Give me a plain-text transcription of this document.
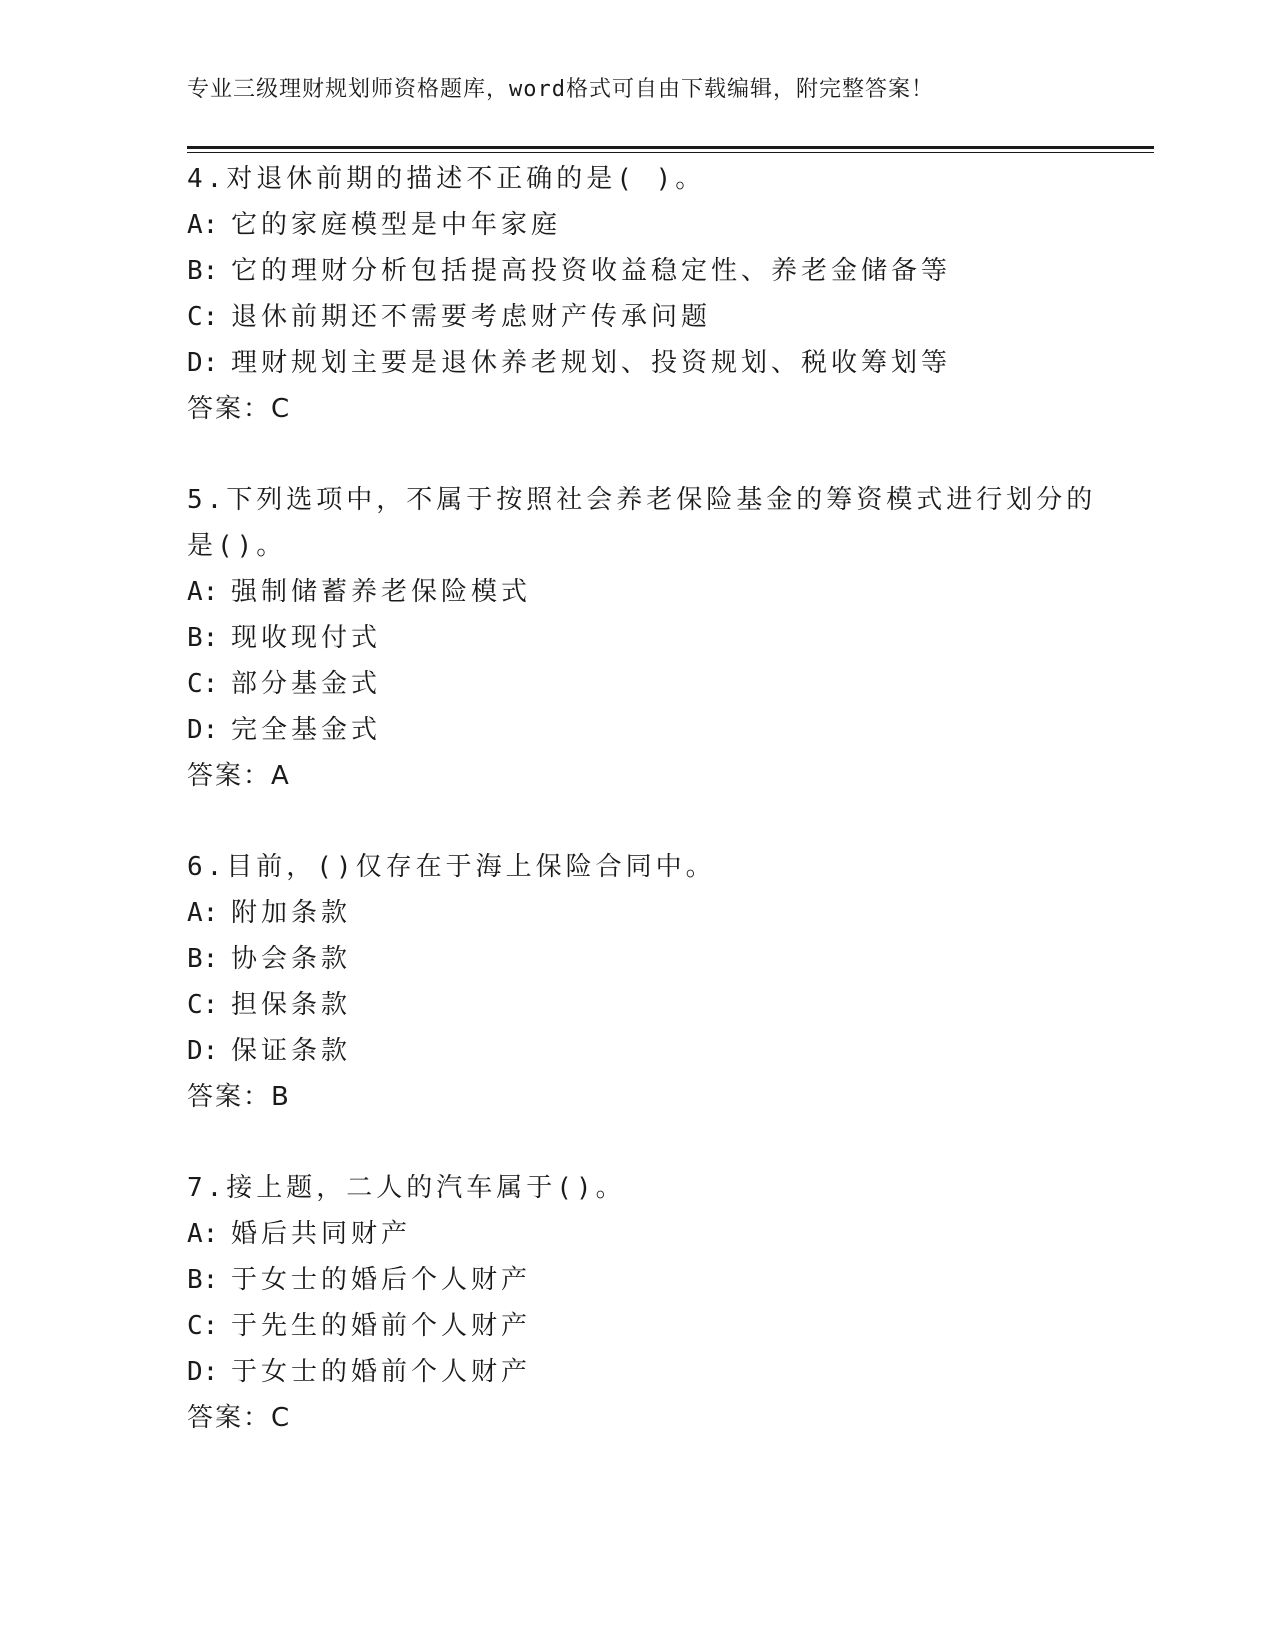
专业三级理财规划师资格题库，word格式可自由下载编辑，附完整答案！
4.对退休前期的描述不正确的是( )。
A: 它的家庭模型是中年家庭
B: 它的理财分析包括提高投资收益稳定性、养老金储备等
C: 退休前期还不需要考虑财产传承问题
D: 理财规划主要是退休养老规划、投资规划、税收筹划等
答案：C
5.下列选项中，不属于按照社会养老保险基金的筹资模式进行划分的是()。
A: 强制储蓄养老保险模式
B: 现收现付式
C: 部分基金式
D: 完全基金式
答案：A
6.目前，()仅存在于海上保险合同中。
A: 附加条款
B: 协会条款
C: 担保条款
D: 保证条款
答案：B
7.接上题，二人的汽车属于()。
A: 婚后共同财产
B: 于女士的婚后个人财产
C: 于先生的婚前个人财产
D: 于女士的婚前个人财产
答案：C
